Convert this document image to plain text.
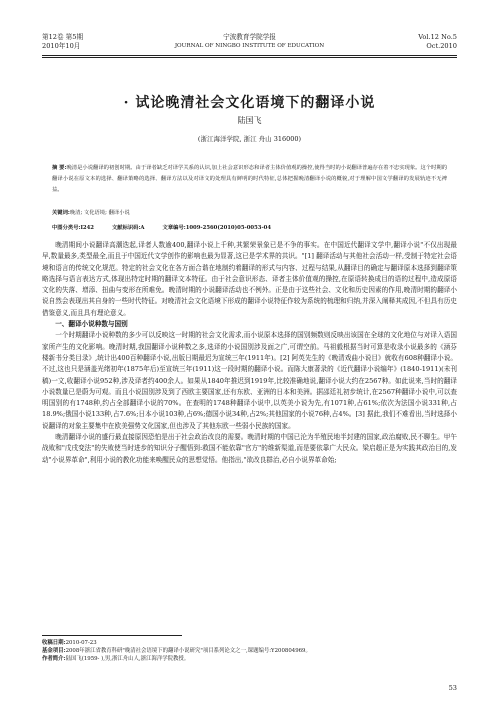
第12卷 第5期
2010年10月
宁波教育学院学报
JOURNAL OF NINGBO INSTITUTE OF EDUCATION
Vol.12 No.5
Oct.2010
· 试论晚清社会文化语境下的翻译小说
陆国飞
(浙江海洋学院, 浙江 舟山 316000)
摘 要:晚清是小说翻译的初创时期。由于译者缺乏对译学关系的认识,加上社会意识形态和译者主体价值观的操控,使得当时的小说翻译普遍存在着不忠实现象。这个时期的翻译小说在原文本的选择、翻译策略的选择、翻译方法以及对译文的处理具有鲜明的时代特征,总体把握晚清翻译小说的概貌,对于理解中国文学翻译的发展轨迹不无裨益。
关键词:晚清; 文化语境; 翻译小说
中图分类号:I242	文献标识码:A	文章编号:1009-2560(2010)05-0053-04

晚清期间小说翻译高潮迭起,译者人数逾400,翻译小说上千种,其繁荣景象已是不争的事实。在中国近代翻译文学中,翻译小说"不仅出现最早,数量最多,类型最全,而且于中国近代文学创作的影响也最为显著,这已是学术界的共识。"[1] 翻译活动与其他社会活动一样,受制于特定社会语境和语言的传统文化规范。特定的社会文化在各方面合谐在地制约着翻译的形式与内容、过程与结果,从翻译目的确定与翻译原本选择到翻译策略选择与语言表达方式,体现出特定时期的翻译文本特征。由于社会意识形态、译者主体价值观的操控,在原语转换成目的语的过程中,造成原语文化的失落、增添、扭曲与变形在所难免。晚清时期的小说翻译活动也不例外。正是由于这些社会、文化和历史因素的作用,晚清时期的翻译小说自然会表现出其自身的一些时代特征。对晚清社会文化语境下形成的翻译小说特征作较为系统的梳理和归纳,并深入阐释其成因,不但具有历史借鉴意义,而且具有理论意义。

一、翻译小说种数与国别

一个时期翻译小说种数的多少可以反映这一时期的社会文化需求,而小说原本选择的国别频数则反映出该国在全球的文化地位与对译入语国家所产生的文化影响。晚清时期,我国翻译小说种数之多,选译的小说国别涉及面之广,可谓空前。马祖毅根据当时可算是收录小说最多的《涵芬楼新书分类目录》,统计出400百种翻译小说,出版日期最迟为宣统三年(1911年)。[2] 阿英先生的《晚清戏曲小说目》就收有608种翻译小说。不过,这也只是涵盖光绪初年(1875年后)至宣统三年(1911)这一段时期的翻译小说。而陈大康著录的《近代翻译小说编年》(1840-1911)(未刊稿)一文,收翻译小说952种,涉及译者约400余人。如果从1840年推迟到1919年,比较准确地说,翻译小说大约在2567种。如此说来,当时的翻译小说数量已是蔚为可观。而且小说国别涉及到了西欧主要国家,还有东欧、亚洲的日本和美洲。据邵廷礼初步统计,在2567种翻译小说中,可以查明国别的有1748种,约占全部翻译小说的70%。在查明的1748种翻译小说中,以英美小说为先,有1071种,占61%;依次为法国小说331种,占18.9%;俄国小说133种,占7.6%;日本小说103种,占6%;德国小说34种,占2%;其他国家的小说76种,占4%。[3] 据此,我们不难看出,当时选择小说翻译的对象主要集中在欧美强势文化国家,但也涉及了其他东欧一些弱小民族的国家。

晚清翻译小说的盛行最直接原因恐怕是出于社会政治改良的需要。晚清时期的中国已沦为半殖民地半封建的国家,政治腐败,民不聊生。甲午战败和"戊戌变法"的失败使当时进步的知识分子醒悟到:救国不能依靠"官方"的维新渠道,而是要依靠广大民众。梁启超正是为实践其政治目的,发动"小说界革命",利用小说的教化功能来唤醒民众的思想觉悟。他指出,"欲改良群治,必自小说界革命始;

收稿日期:2010-07-23
基金项目:2008年浙江省教育科研"晚清社会语境下的翻译小说研究"项目系列论文之一,课题编号:Y200804969。
作者简介:陆国飞(1959- ),男,浙江舟山人,浙江海洋学院教授。
53
